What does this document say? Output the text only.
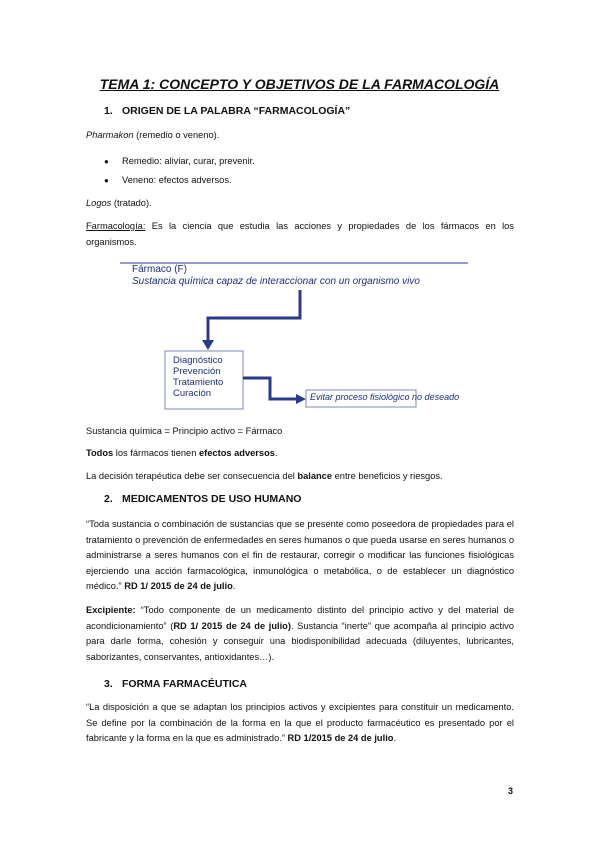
TEMA 1: CONCEPTO Y OBJETIVOS DE LA FARMACOLOGÍA
1. ORIGEN DE LA PALABRA “FARMACOLOGÍA”
Pharmakon (remedio o veneno).
● Remedio: aliviar, curar, prevenir.
● Veneno: efectos adversos.
Logos (tratado).
Farmacología: Es la ciencia que estudia las acciones y propiedades de los fármacos en los organismos.
Fármaco (F)
Sustancia química capaz de interaccionar con un organismo vivo
Diagnóstico
Prevención
Tratamiento
Curación	Evitar proceso fisiológico no deseado
Sustancia química = Principio activo = Fármaco
Todos los fármacos tienen efectos adversos.
La decisión terapéutica debe ser consecuencia del balance entre beneficios y riesgos.
2. MEDICAMENTOS DE USO HUMANO
“Toda sustancia o combinación de sustancias que se presente como poseedora de propiedades para el tratamiento o prevención de enfermedades en seres humanos o que pueda usarse en seres humanos o administrarse a seres humanos con el fin de restaurar, corregir o modificar las funciones fisiológicas ejerciendo una acción farmacológica, inmunológica o metabólica, o de establecer un diagnóstico médico.” RD 1/ 2015 de 24 de julio.
Excipiente: “Todo componente de un medicamento distinto del principio activo y del material de acondicionamiento” (RD 1/ 2015 de 24 de julio). Sustancia “inerte” que acompaña al principio activo para darle forma, cohesión y conseguir una biodisponibilidad adecuada (diluyentes, lubricantes, saborizantes, conservantes, antioxidantes…).
3. FORMA FARMACÉUTICA
“La disposición a que se adaptan los principios activos y excipientes para constituir un medicamento. Se define por la combinación de la forma en la que el producto farmacéutico es presentado por el fabricante y la forma en la que es administrado.” RD 1/2015 de 24 de julio.
3
